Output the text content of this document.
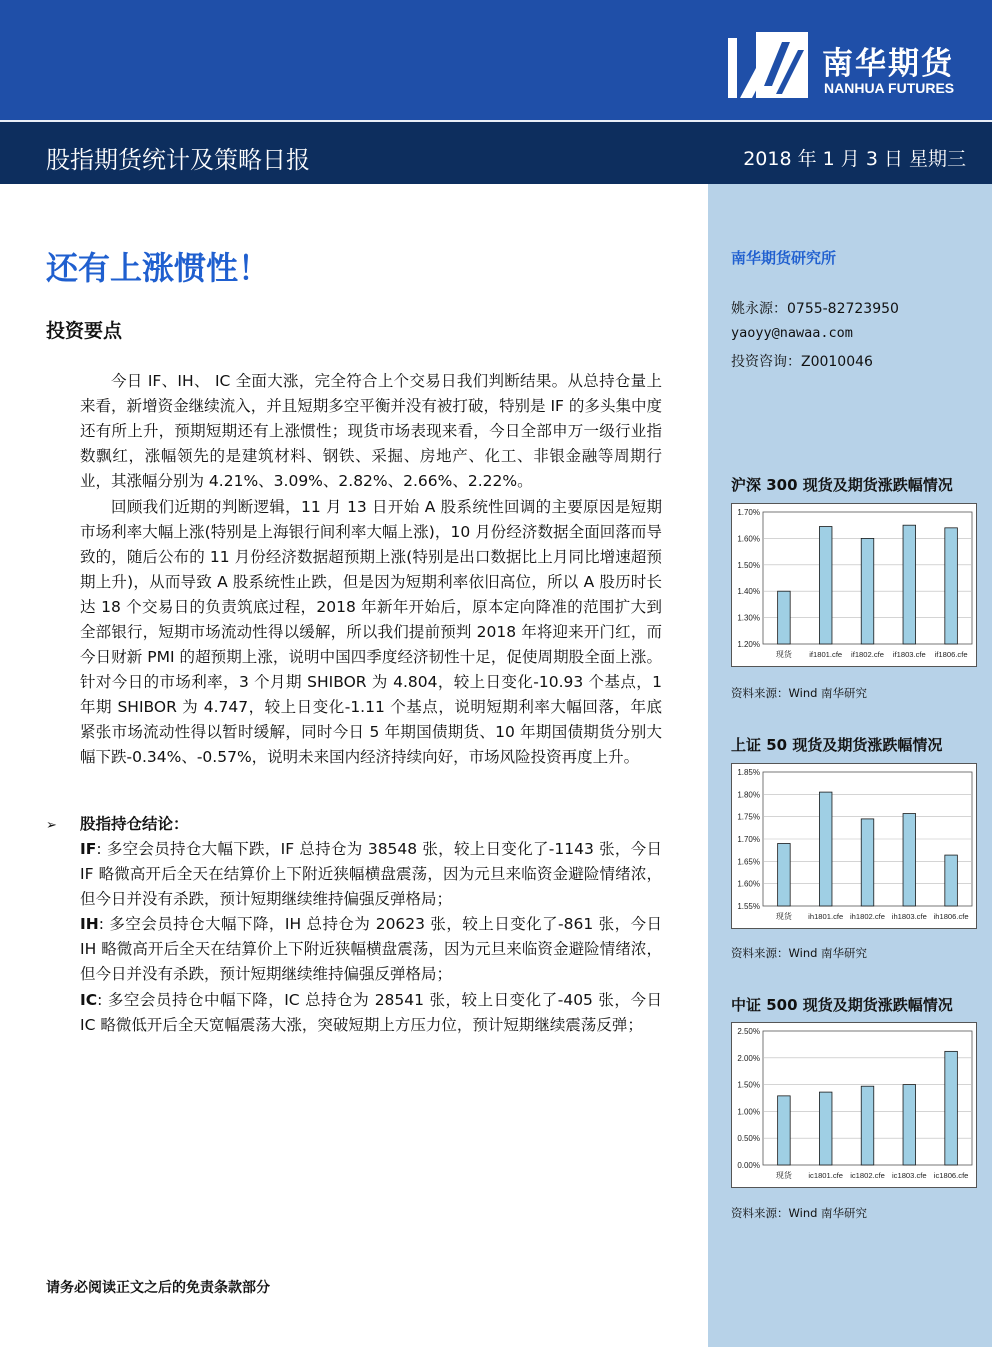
南华期货
NANHUA FUTURES
股指期货统计及策略日报	2018 年 1 月 3 日 星期三
南华期货研究所
姚永源：0755-82723950
yaoyy@nawaa.com
投资咨询：Z0010046
沪深 300 现货及期货涨跌幅情况
1.70%
1.60%
1.50%
1.40%
1.30%
1.20%
现货 if1801.cfe if1802.cfe if1803.cfe if1806.cfe
资料来源：Wind 南华研究
上证 50 现货及期货涨跌幅情况
1.85%
1.80%
1.75%
1.70%
1.65%
1.60%
1.55%
现货 ih1801.cfe ih1802.cfe ih1803.cfe ih1806.cfe
资料来源：Wind 南华研究
中证 500 现货及期货涨跌幅情况
2.50%
2.00%
1.50%
1.00%
0.50%
0.00%
现货 ic1801.cfe ic1802.cfe ic1803.cfe ic1806.cfe
资料来源：Wind 南华研究
还有上涨惯性！
投资要点

今日 IF、IH、 IC 全面大涨，完全符合上个交易日我们判断结果。从总持仓量上来看，新增资金继续流入，并且短期多空平衡并没有被打破，特别是 IF 的多头集中度还有所上升，预期短期还有上涨惯性；现货市场表现来看，今日全部申万一级行业指数飘红，涨幅领先的是建筑材料、钢铁、采掘、房地产、化工、非银金融等周期行业，其涨幅分别为 4.21%、3.09%、2.82%、2.66%、2.22%。

回顾我们近期的判断逻辑，11 月 13 日开始 A 股系统性回调的主要原因是短期市场利率大幅上涨(特别是上海银行间利率大幅上涨)，10 月份经济数据全面回落而导致的，随后公布的 11 月份经济数据超预期上涨(特别是出口数据比上月同比增速超预期上升)，从而导致 A 股系统性止跌，但是因为短期利率依旧高位，所以 A 股历时长达 18 个交易日的负责筑底过程，2018 年新年开始后，原本定向降准的范围扩大到全部银行，短期市场流动性得以缓解，所以我们提前预判 2018 年将迎来开门红，而今日财新 PMI 的超预期上涨，说明中国四季度经济韧性十足，促使周期股全面上涨。针对今日的市场利率，3 个月期 SHIBOR 为 4.804，较上日变化-10.93 个基点，1 年期 SHIBOR 为 4.747，较上日变化-1.11 个基点，说明短期利率大幅回落，年底紧张市场流动性得以暂时缓解，同时今日 5 年期国债期货、10 年期国债期货分别大幅下跌-0.34%、-0.57%，说明未来国内经济持续向好，市场风险投资再度上升。

➢ 股指持仓结论：
IF: 多空会员持仓大幅下跌，IF 总持仓为 38548 张，较上日变化了-1143 张，今日 IF 略微高开后全天在结算价上下附近狭幅横盘震荡，因为元旦来临资金避险情绪浓，但今日并没有杀跌，预计短期继续维持偏强反弹格局；
IH: 多空会员持仓大幅下降，IH 总持仓为 20623 张，较上日变化了-861 张，今日 IH 略微高开后全天在结算价上下附近狭幅横盘震荡，因为元旦来临资金避险情绪浓，但今日并没有杀跌，预计短期继续维持偏强反弹格局；
IC: 多空会员持仓中幅下降，IC 总持仓为 28541 张，较上日变化了-405 张，今日 IC 略微低开后全天宽幅震荡大涨，突破短期上方压力位，预计短期继续震荡反弹；
请务必阅读正文之后的免责条款部分
